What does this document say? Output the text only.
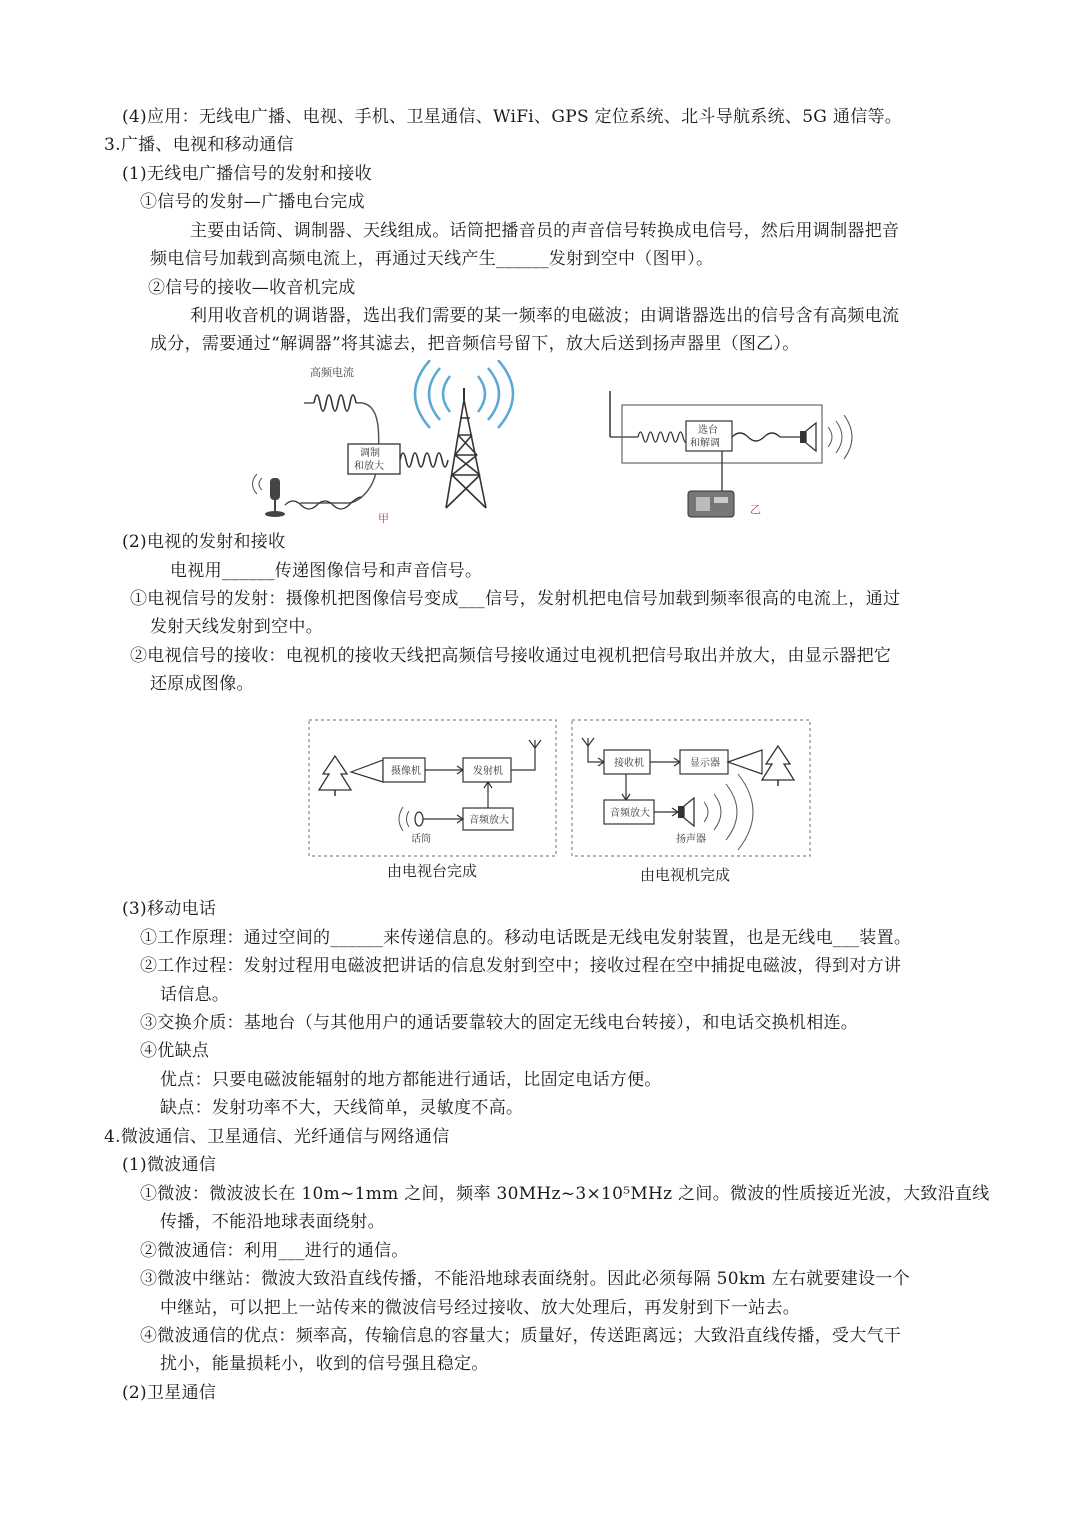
(4)应用：无线电广播、电视、手机、卫星通信、WiFi、GPS 定位系统、北斗导航系统、5G 通信等。
3.广播、电视和移动通信
(1)无线电广播信号的发射和接收
①信号的发射—广播电台完成
主要由话筒、调制器、天线组成。话筒把播音员的声音信号转换成电信号，然后用调制器把音
频电信号加载到高频电流上，再通过天线产生______发射到空中（图甲）。
②信号的接收—收音机完成
利用收音机的调谐器，选出我们需要的某一频率的电磁波；由调谐器选出的信号含有高频电流
成分，需要通过“解调器”将其滤去，把音频信号留下，放大后送到扬声器里（图乙）。
高频电流
调制
和放大
甲
选台
和解调
乙
(2)电视的发射和接收
电视用______传递图像信号和声音信号。
①电视信号的发射：摄像机把图像信号变成___信号，发射机把电信号加载到频率很高的电流上，通过
发射天线发射到空中。
②电视信号的接收：电视机的接收天线把高频信号接收通过电视机把信号取出并放大，由显示器把它
还原成图像。
摄像机	发射机
音频放大
话筒
由电视台完成
接收机	显示器
音频放大
扬声器
由电视机完成
(3)移动电话
①工作原理：通过空间的______来传递信息的。移动电话既是无线电发射装置，也是无线电___装置。
②工作过程：发射过程用电磁波把讲话的信息发射到空中；接收过程在空中捕捉电磁波，得到对方讲
话信息。
③交换介质：基地台（与其他用户的通话要靠较大的固定无线电台转接），和电话交换机相连。
④优缺点
优点：只要电磁波能辐射的地方都能进行通话，比固定电话方便。
缺点：发射功率不大，天线简单，灵敏度不高。
4.微波通信、卫星通信、光纤通信与网络通信
(1)微波通信
①微波：微波波长在 10m~1mm 之间，频率 30MHz~3×10⁵MHz 之间。微波的性质接近光波，大致沿直线
传播，不能沿地球表面绕射。
②微波通信：利用___进行的通信。
③微波中继站：微波大致沿直线传播，不能沿地球表面绕射。因此必须每隔 50km 左右就要建设一个
中继站，可以把上一站传来的微波信号经过接收、放大处理后，再发射到下一站去。
④微波通信的优点：频率高，传输信息的容量大；质量好，传送距离远；大致沿直线传播，受大气干
扰小，能量损耗小，收到的信号强且稳定。
(2)卫星通信
